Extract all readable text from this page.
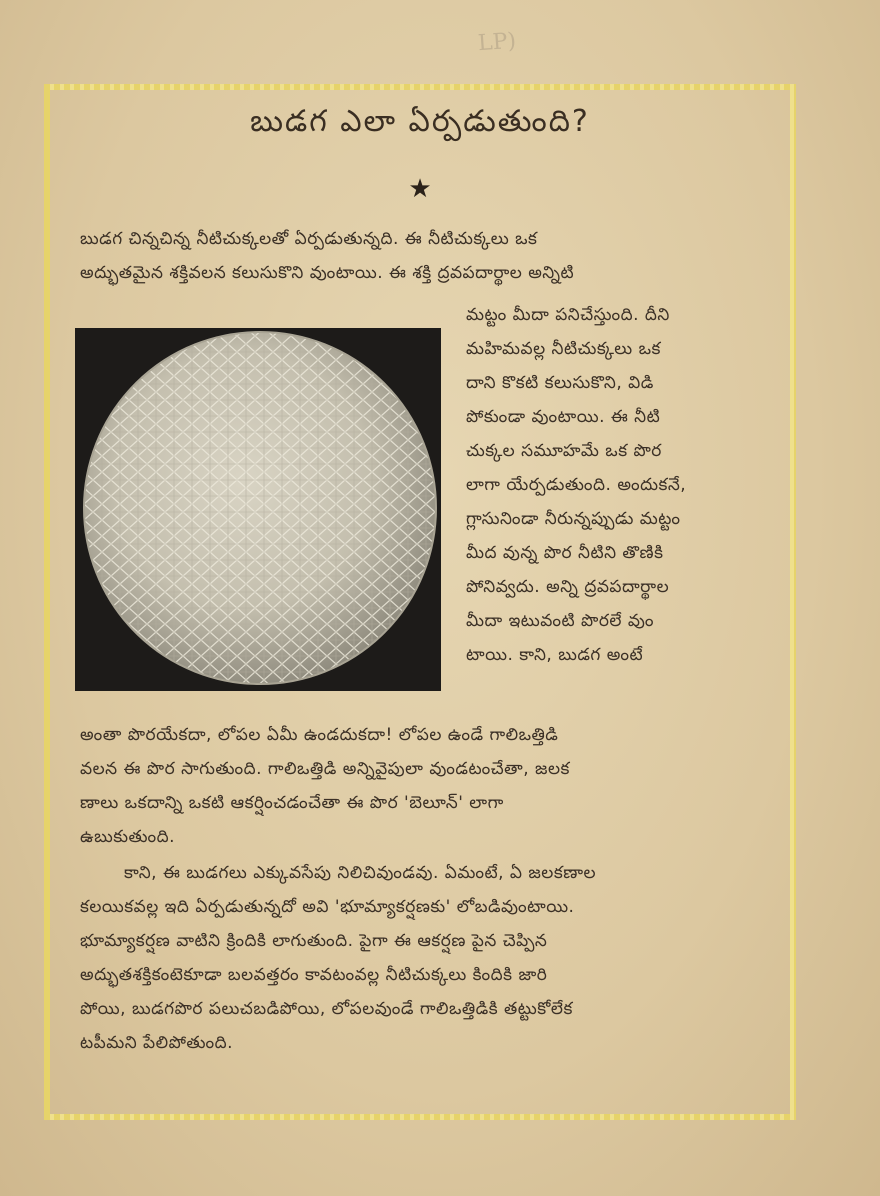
LP)
బుడగ ఎలా ఏర్పడుతుంది?
★
బుడగ చిన్నచిన్న నీటిచుక్కలతో ఏర్పడుతున్నది. ఈ నీటిచుక్కలు ఒక
అద్భుతమైన శక్తివలన కలుసుకొని వుంటాయి. ఈ శక్తి ద్రవపదార్థాల అన్నిటి
మట్టం మీదా పనిచేస్తుంది. దీని
మహిమవల్ల నీటిచుక్కలు ఒక
దాని కొకటి కలుసుకొని, విడి
పోకుండా వుంటాయి. ఈ నీటి
చుక్కల సమూహమే ఒక పొర
లాగా యేర్పడుతుంది. అందుకనే,
గ్లాసునిండా నీరున్నప్పుడు మట్టం
మీద వున్న పొర నీటిని తొణికి
పోనివ్వదు. అన్ని ద్రవపదార్థాల
మీదా ఇటువంటి పొరలే వుం
టాయి. కాని, బుడగ అంటే
అంతా పొరయేకదా, లోపల ఏమీ ఉండదుకదా! లోపల ఉండే గాలిఒత్తిడి
వలన ఈ పొర సాగుతుంది. గాలిఒత్తిడి అన్నివైపులా వుండటంచేతా, జలక
ణాలు ఒకదాన్ని ఒకటి ఆకర్షించడంచేతా ఈ పొర 'బెలూన్' లాగా
ఉబుకుతుంది.
కాని, ఈ బుడగలు ఎక్కువసేపు నిలిచివుండవు. ఏమంటే, ఏ జలకణాల
కలయికవల్ల ఇది ఏర్పడుతున్నదో అవి 'భూమ్యాకర్షణకు' లోబడివుంటాయి.
భూమ్యాకర్షణ వాటిని క్రిందికి లాగుతుంది. పైగా ఈ ఆకర్షణ పైన చెప్పిన
అద్భుతశక్తికంటెకూడా బలవత్తరం కావటంవల్ల నీటిచుక్కలు కిందికి జారి
పోయి, బుడగపొర పలుచబడిపోయి, లోపలవుండే గాలిఒత్తిడికి తట్టుకోలేక
టపీమని పేలిపోతుంది.
